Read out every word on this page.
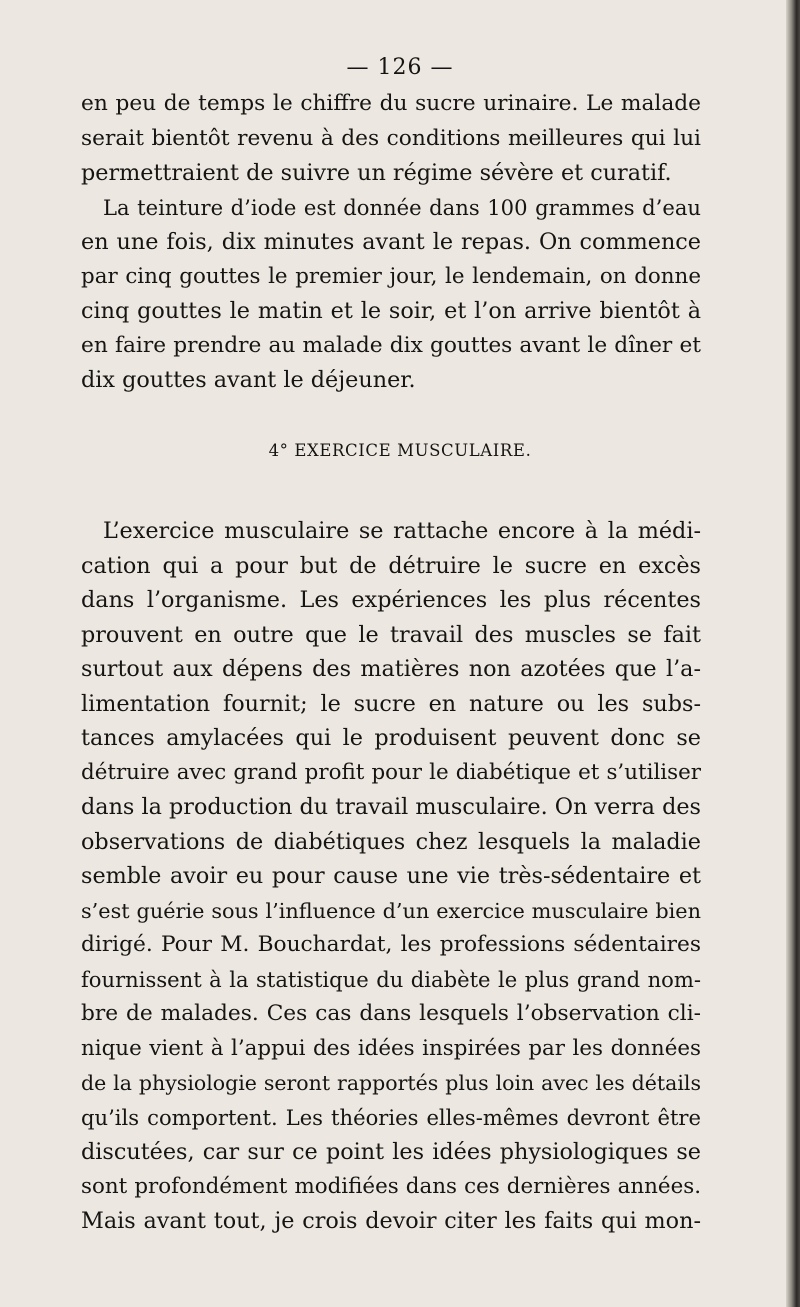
— 126 —
en peu de temps le chiffre du sucre urinaire. Le malade
serait bientôt revenu à des conditions meilleures qui lui
permettraient de suivre un régime sévère et curatif.
La teinture d’iode est donnée dans 100 grammes d’eau
en une fois, dix minutes avant le repas. On commence
par cinq gouttes le premier jour, le lendemain, on donne
cinq gouttes le matin et le soir, et l’on arrive bientôt à
en faire prendre au malade dix gouttes avant le dîner et
dix gouttes avant le déjeuner.
4° EXERCICE MUSCULAIRE.
L’exercice musculaire se rattache encore à la médi-
cation qui a pour but de détruire le sucre en excès
dans l’organisme. Les expériences les plus récentes
prouvent en outre que le travail des muscles se fait
surtout aux dépens des matières non azotées que l’a-
limentation fournit; le sucre en nature ou les subs-
tances amylacées qui le produisent peuvent donc se
détruire avec grand profit pour le diabétique et s’utiliser
dans la production du travail musculaire. On verra des
observations de diabétiques chez lesquels la maladie
semble avoir eu pour cause une vie très-sédentaire et
s’est guérie sous l’influence d’un exercice musculaire bien
dirigé. Pour M. Bouchardat, les professions sédentaires
fournissent à la statistique du diabète le plus grand nom-
bre de malades. Ces cas dans lesquels l’observation cli-
nique vient à l’appui des idées inspirées par les données
de la physiologie seront rapportés plus loin avec les détails
qu’ils comportent. Les théories elles-mêmes devront être
discutées, car sur ce point les idées physiologiques se
sont profondément modifiées dans ces dernières années.
Mais avant tout, je crois devoir citer les faits qui mon-
